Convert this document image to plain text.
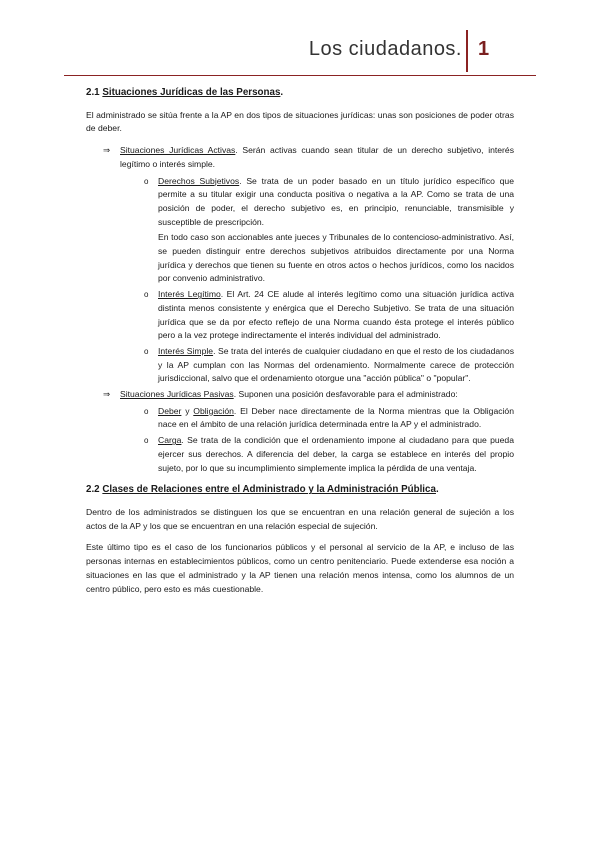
Los ciudadanos. 1
2.1 Situaciones Jurídicas de las Personas.

El administrado se sitúa frente a la AP en dos tipos de situaciones jurídicas: unas son posiciones de poder otras de deber.

⇒ Situaciones Jurídicas Activas. Serán activas cuando sean titular de un derecho subjetivo, interés legítimo o interés simple.
o Derechos Subjetivos. Se trata de un poder basado en un título jurídico específico que permite a su titular exigir una conducta positiva o negativa a la AP. Como se trata de una posición de poder, el derecho subjetivo es, en principio, renunciable, transmisible y susceptible de prescripción.
En todo caso son accionables ante jueces y Tribunales de lo contencioso-administrativo. Así, se pueden distinguir entre derechos subjetivos atribuidos directamente por una Norma jurídica y derechos que tienen su fuente en otros actos o hechos jurídicos, como los nacidos por convenio administrativo.
o Interés Legítimo. El Art. 24 CE alude al interés legítimo como una situación jurídica activa distinta menos consistente y enérgica que el Derecho Subjetivo. Se trata de una situación jurídica que se da por efecto reflejo de una Norma cuando ésta protege el interés público pero a la vez protege indirectamente el interés individual del administrado.
o Interés Simple. Se trata del interés de cualquier ciudadano en que el resto de los ciudadanos y la AP cumplan con las Normas del ordenamiento. Normalmente carece de protección jurisdiccional, salvo que el ordenamiento otorgue una "acción pública" o "popular".
⇒ Situaciones Jurídicas Pasivas. Suponen una posición desfavorable para el administrado:
o Deber y Obligación. El Deber nace directamente de la Norma mientras que la Obligación nace en el ámbito de una relación jurídica determinada entre la AP y el administrado.
o Carga. Se trata de la condición que el ordenamiento impone al ciudadano para que pueda ejercer sus derechos. A diferencia del deber, la carga se establece en interés del propio sujeto, por lo que su incumplimiento simplemente implica la pérdida de una ventaja.
2.2 Clases de Relaciones entre el Administrado y la Administración Pública.

Dentro de los administrados se distinguen los que se encuentran en una relación general de sujeción a los actos de la AP y los que se encuentran en una relación especial de sujeción.

Este último tipo es el caso de los funcionarios públicos y el personal al servicio de la AP, e incluso de las personas internas en establecimientos públicos, como un centro penitenciario. Puede extenderse esa noción a situaciones en las que el administrado y la AP tienen una relación menos intensa, como los alumnos de un centro público, pero esto es más cuestionable.
